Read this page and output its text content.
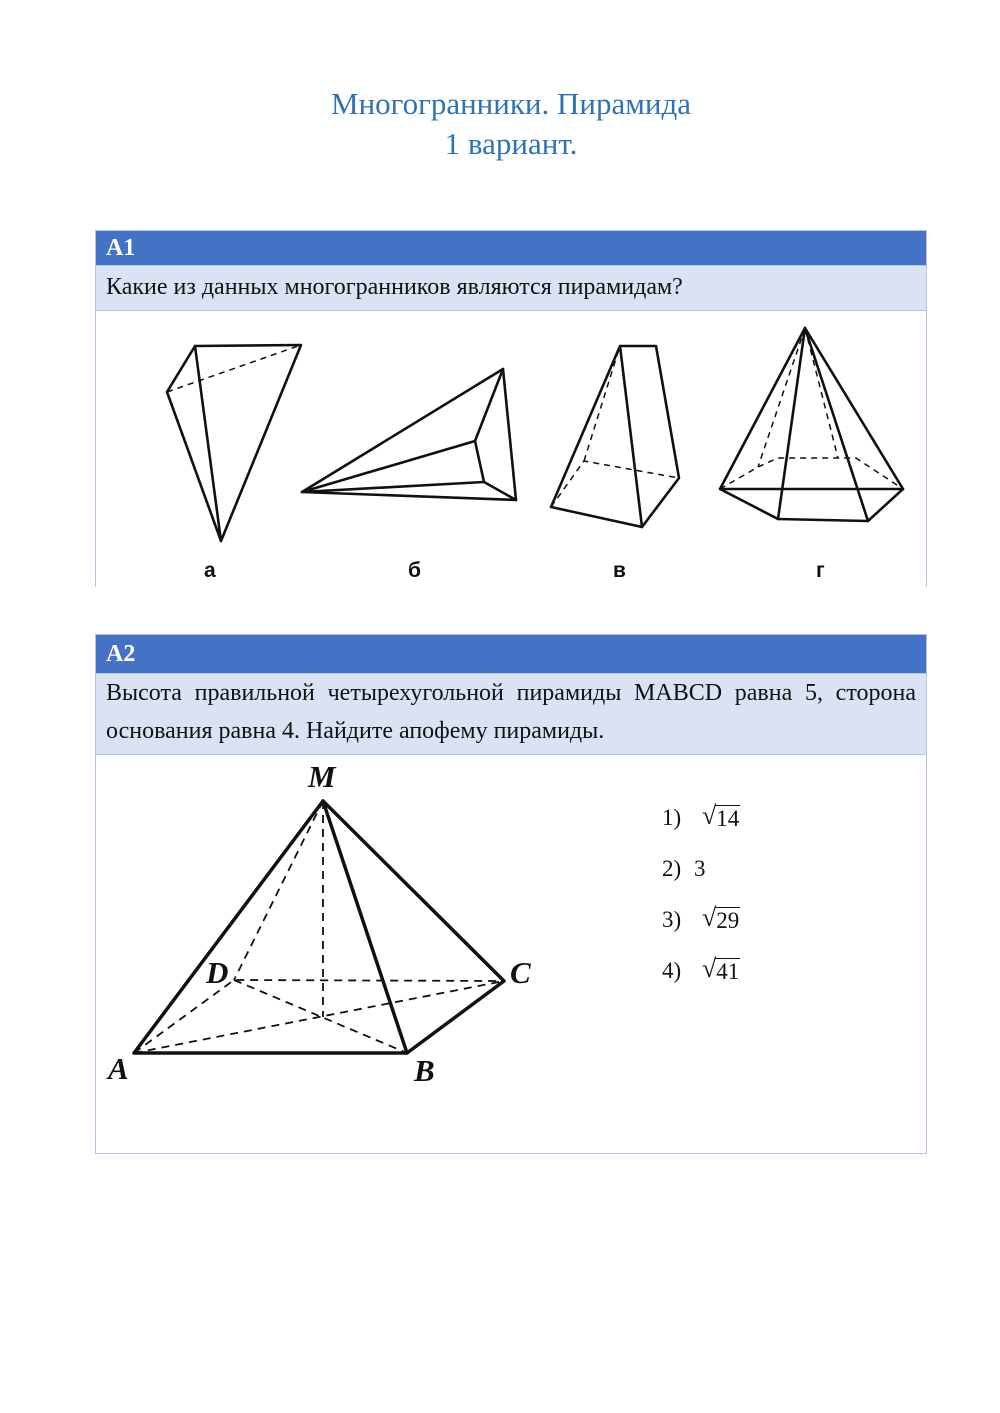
Многогранники. Пирамида
1 вариант.
А1
Какие из данных многогранников являются пирамидам?
а	б	в	г
А2
Высота правильной четырехугольной пирамиды MABCD равна 5, сторона основания равна 4. Найдите апофему пирамиды.
M
D	C
A	B
1) √ 14
2) 3
3) √ 29
4) √ 41
